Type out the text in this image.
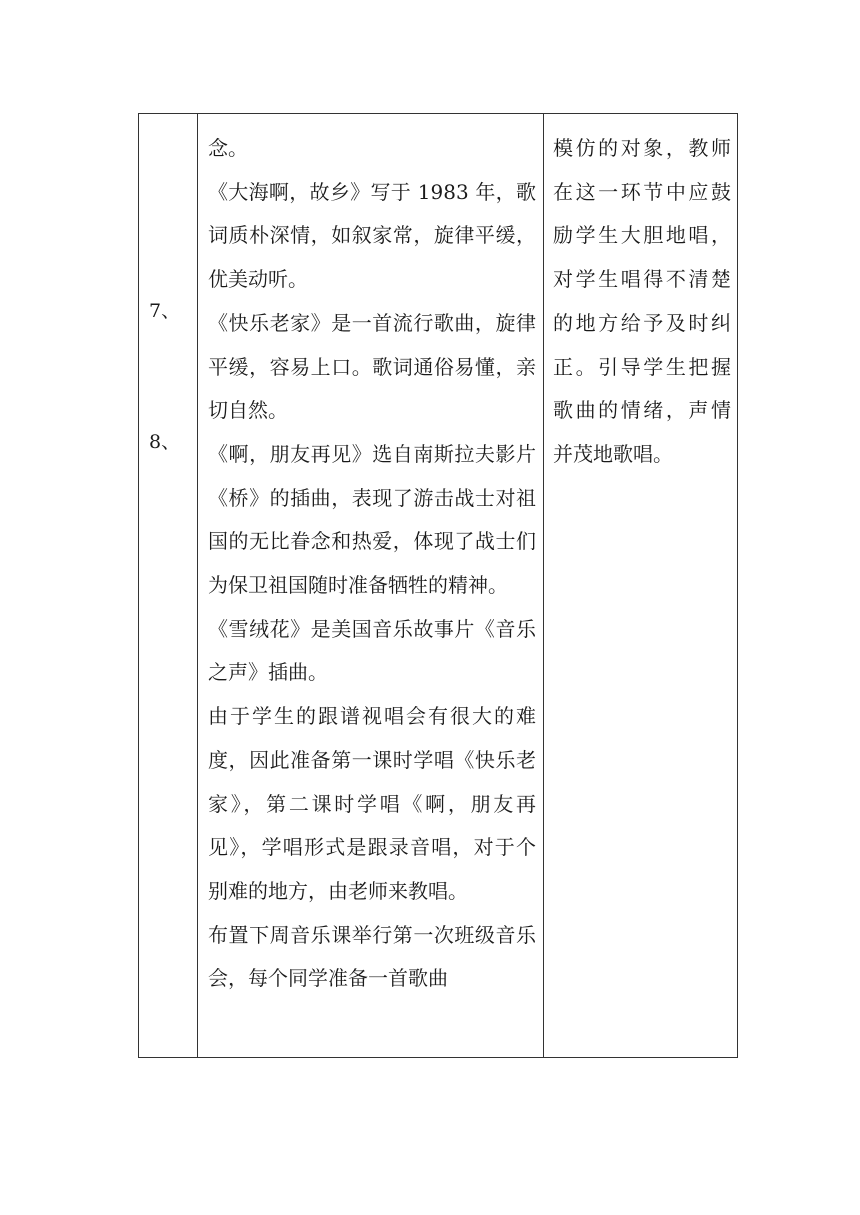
7、
8、

念。

《大海啊，故乡》写于 1983 年，歌词质朴深情，如叙家常，旋律平缓，优美动听。

《快乐老家》是一首流行歌曲，旋律平缓，容易上口。歌词通俗易懂，亲切自然。

《啊，朋友再见》选自南斯拉夫影片《桥》的插曲，表现了游击战士对祖国的无比眷念和热爱，体现了战士们为保卫祖国随时准备牺牲的精神。

《雪绒花》是美国音乐故事片《音乐之声》插曲。

由于学生的跟谱视唱会有很大的难度，因此准备第一课时学唱《快乐老家》，第二课时学唱《啊，朋友再见》，学唱形式是跟录音唱，对于个别难的地方，由老师来教唱。

布置下周音乐课举行第一次班级音乐会，每个同学准备一首歌曲

模仿的对象，教师在这一环节中应鼓励学生大胆地唱，对学生唱得不清楚的地方给予及时纠正。引导学生把握歌曲的情绪，声情并茂地歌唱。
